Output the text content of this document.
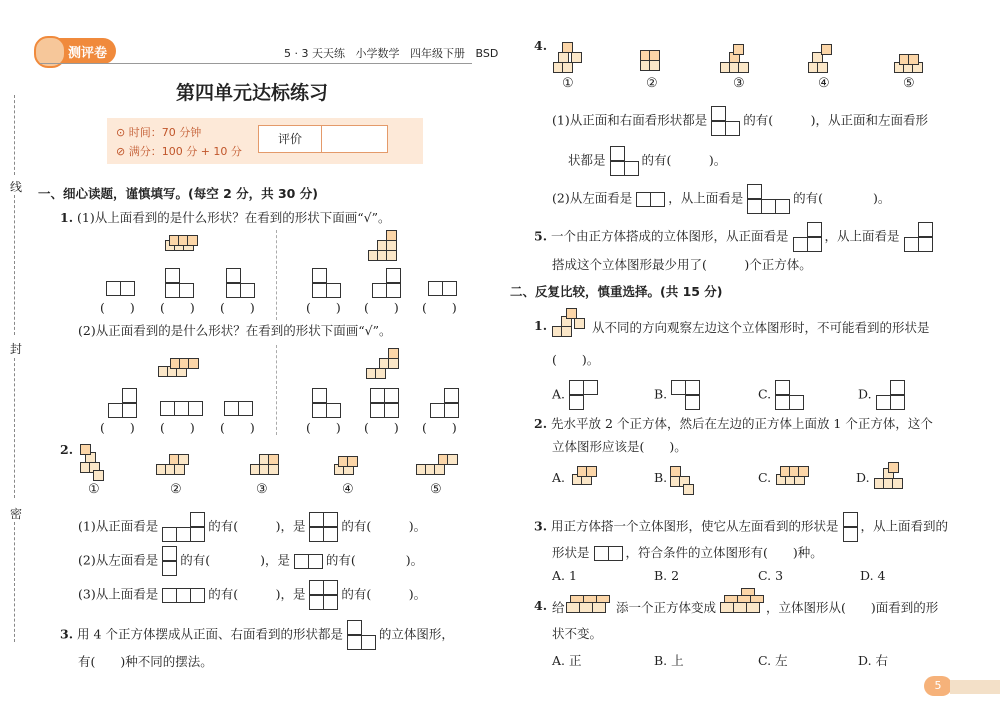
线
封
密
测评卷	5 · 3 天天练 小学数学 四年级下册 BSD
第四单元达标练习
⊙ 时间：70 分钟
⊘ 满分：100 分 + 10 分
评价
一、细心读题，谨慎填写。(每空 2 分，共 30 分)
1. (1)从上面看到的是什么形状？在看到的形状下面画“√”。
(　　) (　　) (　　)	(　　) (　　) (　　)
(2)从正面看到的是什么形状？在看到的形状下面画“√”。
(　　) (　　) (　　)	(　　) (　　) (　　)
2.
①	②	③	④	⑤
(1)从正面看是	的有(　　　)，是	的有(　　　)。
(2)从左面看是 的有(　　　　)，是	的有(　　　　)。
(3)从上面看是	的有(　　　)，是	的有(　　　)。
3. 用 4 个正方体摆成从正面、右面看到的形状都是	的立体图形，
有(　　)种不同的摆法。
4.
①	②	③	④	⑤
(1)从正面和右面看形状都是	的有(　　　)，从正面和左面看形
状都是	的有(　　　)。
(2)从左面看是	，从上面看是	的有(　　　　)。
5. 一个由正方体搭成的立体图形，从正面看是	，从上面看是
搭成这个立体图形最少用了(　　　)个正方体。
二、反复比较，慎重选择。(共 15 分)
1.	从不同的方向观察左边这个立体图形时，不可能看到的形状是
(　　)。
A.	B.	C.	D.
2. 先水平放 2 个正方体，然后在左边的正方体上面放 1 个正方体，这个
立体图形应该是(　　)。
A.	B.	C.	D.
3. 用正方体搭一个立体图形，使它从左面看到的形状是 ，从上面看到的
形状是	，符合条件的立体图形有(　　)种。
A. 1	B. 2	C. 3	D. 4
4. 给	添一个正方体变成	，立体图形从(　　)面看到的形
状不变。
A. 正	B. 上	C. 左	D. 右
5
